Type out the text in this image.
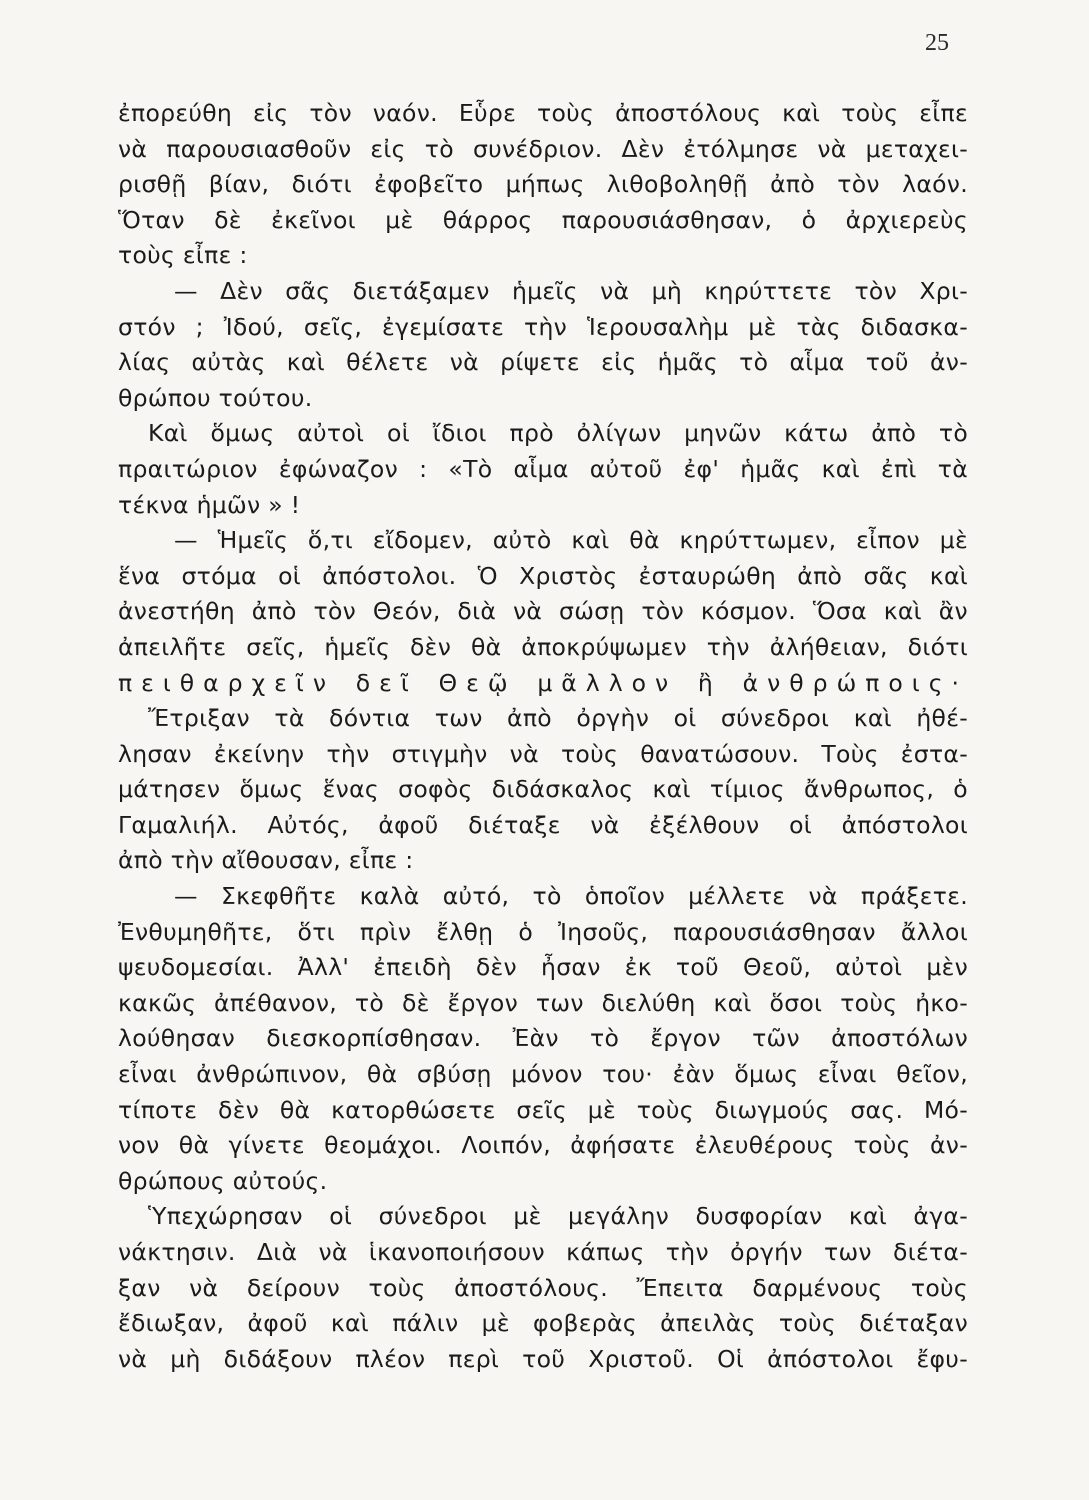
25
ἐπορεύθη εἰς τὸν ναόν. Εὗρε τοὺς ἀποστόλους καὶ τοὺς εἶπε
νὰ παρουσιασθοῦν εἰς τὸ συνέδριον. Δὲν ἐτόλμησε νὰ μεταχει-
ρισθῇ βίαν, διότι ἐφοβεῖτο μήπως λιθοβοληθῇ ἀπὸ τὸν λαόν.
Ὅταν δὲ ἐκεῖνοι μὲ θάρρος παρουσιάσθησαν, ὁ ἀρχιερεὺς
τοὺς εἶπε :
— Δὲν σᾶς διετάξαμεν ἡμεῖς νὰ μὴ κηρύττετε τὸν Χρι-
στόν ; Ἰδού, σεῖς, ἐγεμίσατε τὴν Ἱερουσαλὴμ μὲ τὰς διδασκα-
λίας αὐτὰς καὶ θέλετε νὰ ρίψετε εἰς ἡμᾶς τὸ αἷμα τοῦ ἀν-
θρώπου τούτου.
Καὶ ὅμως αὐτοὶ οἱ ἴδιοι πρὸ ὀλίγων μηνῶν κάτω ἀπὸ τὸ
πραιτώριον ἐφώναζον : «Τὸ αἷμα αὐτοῦ ἐφ' ἡμᾶς καὶ ἐπὶ τὰ
τέκνα ἡμῶν » !
— Ἡμεῖς ὅ,τι εἴδομεν, αὐτὸ καὶ θὰ κηρύττωμεν, εἶπον μὲ
ἕνα στόμα οἱ ἀπόστολοι. Ὁ Χριστὸς ἐσταυρώθη ἀπὸ σᾶς καὶ
ἀνεστήθη ἀπὸ τὸν Θεόν, διὰ νὰ σώσῃ τὸν κόσμον. Ὅσα καὶ ἂν
ἀπειλῆτε σεῖς, ἡμεῖς δὲν θὰ ἀποκρύψωμεν τὴν ἀλήθειαν, διότι
πειθαρχεῖν δεῖ Θεῷ μᾶλλον ἢ ἀνθρώποις·
Ἔτριξαν τὰ δόντια των ἀπὸ ὀργὴν οἱ σύνεδροι καὶ ἠθέ-
λησαν ἐκείνην τὴν στιγμὴν νὰ τοὺς θανατώσουν. Τοὺς ἐστα-
μάτησεν ὅμως ἕνας σοφὸς διδάσκαλος καὶ τίμιος ἄνθρωπος, ὁ
Γαμαλιήλ. Αὐτός, ἀφοῦ διέταξε νὰ ἐξέλθουν οἱ ἀπόστολοι
ἀπὸ τὴν αἴθουσαν, εἶπε :
— Σκεφθῆτε καλὰ αὐτό, τὸ ὁποῖον μέλλετε νὰ πράξετε.
Ἐνθυμηθῆτε, ὅτι πρὶν ἔλθῃ ὁ Ἰησοῦς, παρουσιάσθησαν ἄλλοι
ψευδομεσίαι. Ἀλλ' ἐπειδὴ δὲν ἦσαν ἐκ τοῦ Θεοῦ, αὐτοὶ μὲν
κακῶς ἀπέθανον, τὸ δὲ ἔργον των διελύθη καὶ ὅσοι τοὺς ἠκο-
λούθησαν διεσκορπίσθησαν. Ἐὰν τὸ ἔργον τῶν ἀποστόλων
εἶναι ἀνθρώπινον, θὰ σβύσῃ μόνον του· ἐὰν ὅμως εἶναι θεῖον,
τίποτε δὲν θὰ κατορθώσετε σεῖς μὲ τοὺς διωγμούς σας. Μό-
νον θὰ γίνετε θεομάχοι. Λοιπόν, ἀφήσατε ἐλευθέρους τοὺς ἀν-
θρώπους αὐτούς.
Ὑπεχώρησαν οἱ σύνεδροι μὲ μεγάλην δυσφορίαν καὶ ἀγα-
νάκτησιν. Διὰ νὰ ἱκανοποιήσουν κάπως τὴν ὀργήν των διέτα-
ξαν νὰ δείρουν τοὺς ἀποστόλους. Ἔπειτα δαρμένους τοὺς
ἔδιωξαν, ἀφοῦ καὶ πάλιν μὲ φοβερὰς ἀπειλὰς τοὺς διέταξαν
νὰ μὴ διδάξουν πλέον περὶ τοῦ Χριστοῦ. Οἱ ἀπόστολοι ἔφυ-
